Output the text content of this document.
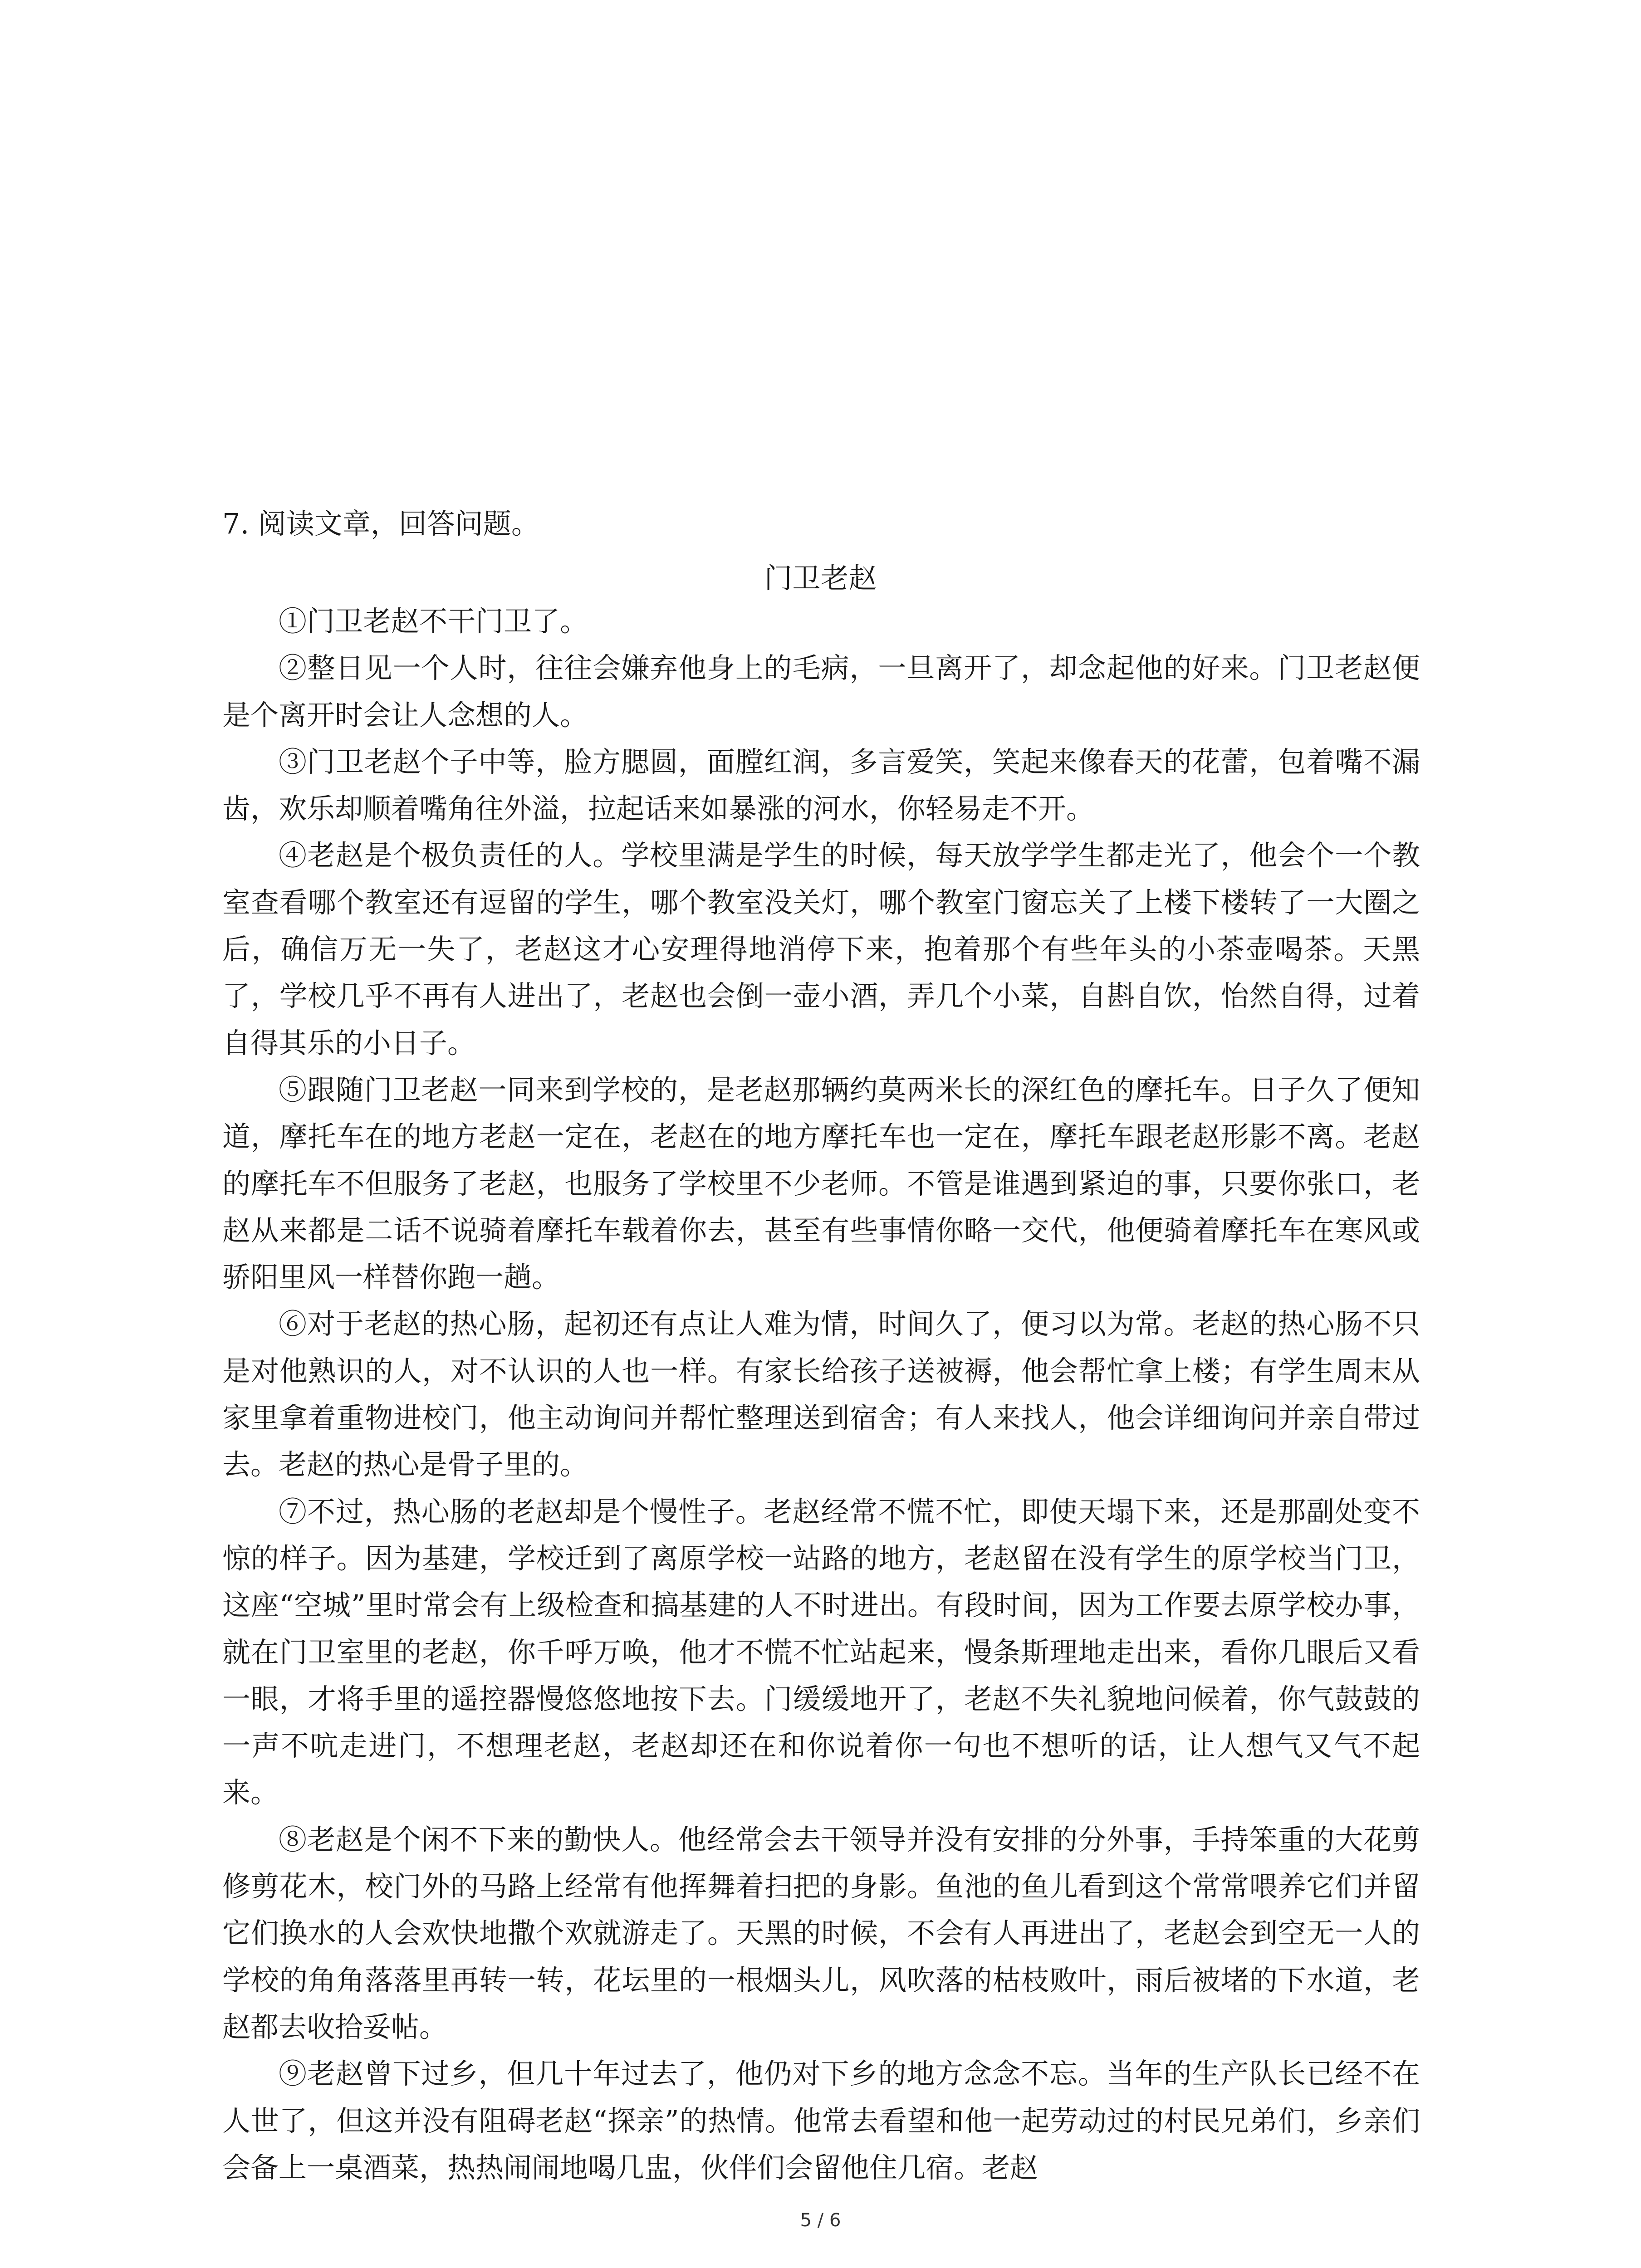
7. 阅读文章，回答问题。
门卫老赵

①门卫老赵不干门卫了。

②整日见一个人时，往往会嫌弃他身上的毛病，一旦离开了，却念起他的好来。门卫老赵便是个离开时会让人念想的人。

③门卫老赵个子中等，脸方腮圆，面膛红润，多言爱笑，笑起来像春天的花蕾，包着嘴不漏齿，欢乐却顺着嘴角往外溢，拉起话来如暴涨的河水，你轻易走不开。

④老赵是个极负责任的人。学校里满是学生的时候，每天放学学生都走光了，他会个一个教室查看哪个教室还有逗留的学生，哪个教室没关灯，哪个教室门窗忘关了上楼下楼转了一大圈之后，确信万无一失了，老赵这才心安理得地消停下来，抱着那个有些年头的小茶壶喝茶。天黑了，学校几乎不再有人进出了，老赵也会倒一壶小酒，弄几个小菜，自斟自饮，怡然自得，过着自得其乐的小日子。

⑤跟随门卫老赵一同来到学校的，是老赵那辆约莫两米长的深红色的摩托车。日子久了便知道，摩托车在的地方老赵一定在，老赵在的地方摩托车也一定在，摩托车跟老赵形影不离。老赵的摩托车不但服务了老赵，也服务了学校里不少老师。不管是谁遇到紧迫的事，只要你张口，老赵从来都是二话不说骑着摩托车载着你去，甚至有些事情你略一交代，他便骑着摩托车在寒风或骄阳里风一样替你跑一趟。

⑥对于老赵的热心肠，起初还有点让人难为情，时间久了，便习以为常。老赵的热心肠不只是对他熟识的人，对不认识的人也一样。有家长给孩子送被褥，他会帮忙拿上楼；有学生周末从家里拿着重物进校门，他主动询问并帮忙整理送到宿舍；有人来找人，他会详细询问并亲自带过去。老赵的热心是骨子里的。

⑦不过，热心肠的老赵却是个慢性子。老赵经常不慌不忙，即使天塌下来，还是那副处变不惊的样子。因为基建，学校迁到了离原学校一站路的地方，老赵留在没有学生的原学校当门卫，这座“空城”里时常会有上级检查和搞基建的人不时进出。有段时间，因为工作要去原学校办事，就在门卫室里的老赵，你千呼万唤，他才不慌不忙站起来，慢条斯理地走出来，看你几眼后又看一眼，才将手里的遥控器慢悠悠地按下去。门缓缓地开了，老赵不失礼貌地问候着，你气鼓鼓的一声不吭走进门，不想理老赵，老赵却还在和你说着你一句也不想听的话，让人想气又气不起来。

⑧老赵是个闲不下来的勤快人。他经常会去干领导并没有安排的分外事，手持笨重的大花剪修剪花木，校门外的马路上经常有他挥舞着扫把的身影。鱼池的鱼儿看到这个常常喂养它们并留它们换水的人会欢快地撒个欢就游走了。天黑的时候，不会有人再进出了，老赵会到空无一人的学校的角角落落里再转一转，花坛里的一根烟头儿，风吹落的枯枝败叶，雨后被堵的下水道，老赵都去收拾妥帖。

⑨老赵曾下过乡，但几十年过去了，他仍对下乡的地方念念不忘。当年的生产队长已经不在人世了，但这并没有阻碍老赵“探亲”的热情。他常去看望和他一起劳动过的村民兄弟们，乡亲们会备上一桌酒菜，热热闹闹地喝几盅，伙伴们会留他住几宿。老赵

5 / 6
